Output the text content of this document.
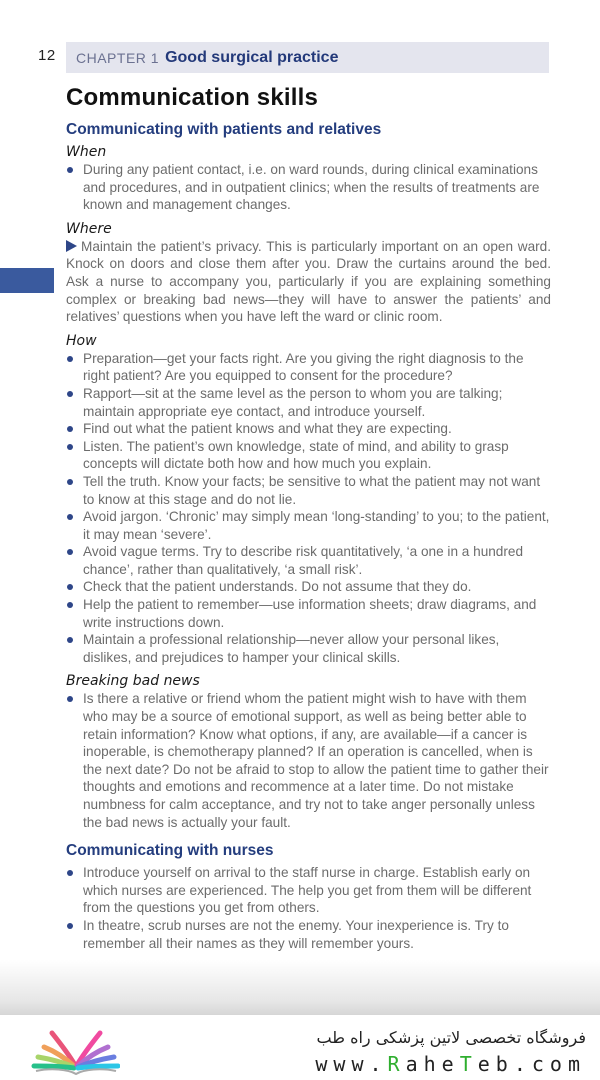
12 CHAPTER 1 Good surgical practice
Communication skills
Communicating with patients and relatives
When
During any patient contact, i.e. on ward rounds, during clinical examinations and procedures, and in outpatient clinics; when the results of treatments are known and management changes.
Where
Maintain the patient’s privacy. This is particularly important on an open ward. Knock on doors and close them after you. Draw the curtains around the bed. Ask a nurse to accompany you, particularly if you are explaining something complex or breaking bad news—they will have to answer the patients’ and relatives’ questions when you have left the ward or clinic room.
How
Preparation—get your facts right. Are you giving the right diagnosis to the right patient? Are you equipped to consent for the procedure?
Rapport—sit at the same level as the person to whom you are talking; maintain appropriate eye contact, and introduce yourself.
Find out what the patient knows and what they are expecting.
Listen. The patient’s own knowledge, state of mind, and ability to grasp concepts will dictate both how and how much you explain.
Tell the truth. Know your facts; be sensitive to what the patient may not want to know at this stage and do not lie.
Avoid jargon. ‘Chronic’ may simply mean ‘long-standing’ to you; to the patient, it may mean ‘severe’.
Avoid vague terms. Try to describe risk quantitatively, ‘a one in a hundred chance’, rather than qualitatively, ‘a small risk’.
Check that the patient understands. Do not assume that they do.
Help the patient to remember—use information sheets; draw diagrams, and write instructions down.
Maintain a professional relationship—never allow your personal likes, dislikes, and prejudices to hamper your clinical skills.
Breaking bad news
Is there a relative or friend whom the patient might wish to have with them who may be a source of emotional support, as well as being better able to retain information? Know what options, if any, are available—if a cancer is inoperable, is chemotherapy planned? If an operation is cancelled, when is the next date? Do not be afraid to stop to allow the patient time to gather their thoughts and emotions and recommence at a later time. Do not mistake numbness for calm acceptance, and try not to take anger personally unless the bad news is actually your fault.
Communicating with nurses
Introduce yourself on arrival to the staff nurse in charge. Establish early on which nurses are experienced. The help you get from them will be different from the questions you get from others.
In theatre, scrub nurses are not the enemy. Your inexperience is. Try to remember all their names as they will remember yours.
فروشگاه تخصصی لاتین پزشکی راه طب
www.RaheTeb.com
